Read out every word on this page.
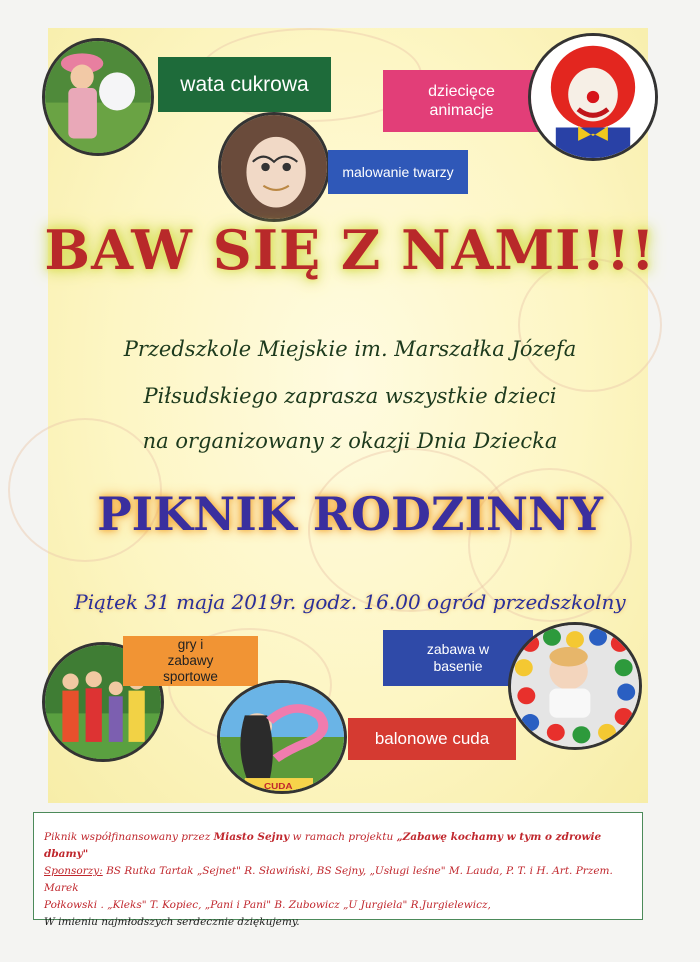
wata cukrowa	dziecięce
animacje
malowanie twarzy
BAW SIĘ Z NAMI!!!
Przedszkole Miejskie im. Marszałka Józefa
Piłsudskiego zaprasza wszystkie dzieci
na organizowany z okazji Dnia Dziecka
PIKNIK RODZINNY
Piątek 31 maja 2019r. godz. 16.00 ogród przedszkolny
gry i
zabawy
sportowe
CUDA
balonowe cuda
zabawa w
basenie
Piknik współfinansowany przez Miasto Sejny w ramach projektu „Zabawę kochamy w tym o zdrowie dbamy"
Sponsorzy: BS Rutka Tartak „Sejnet" R. Sławiński, BS Sejny, „Usługi leśne" M. Lauda, P. T. i H. Art. Przem. Marek
Połkowski . „Kleks" T. Kopiec, „Pani i Pani" B. Zubowicz „U Jurgiela" R.Jurgielewicz,
W imieniu najmłodszych serdecznie dziękujemy.
